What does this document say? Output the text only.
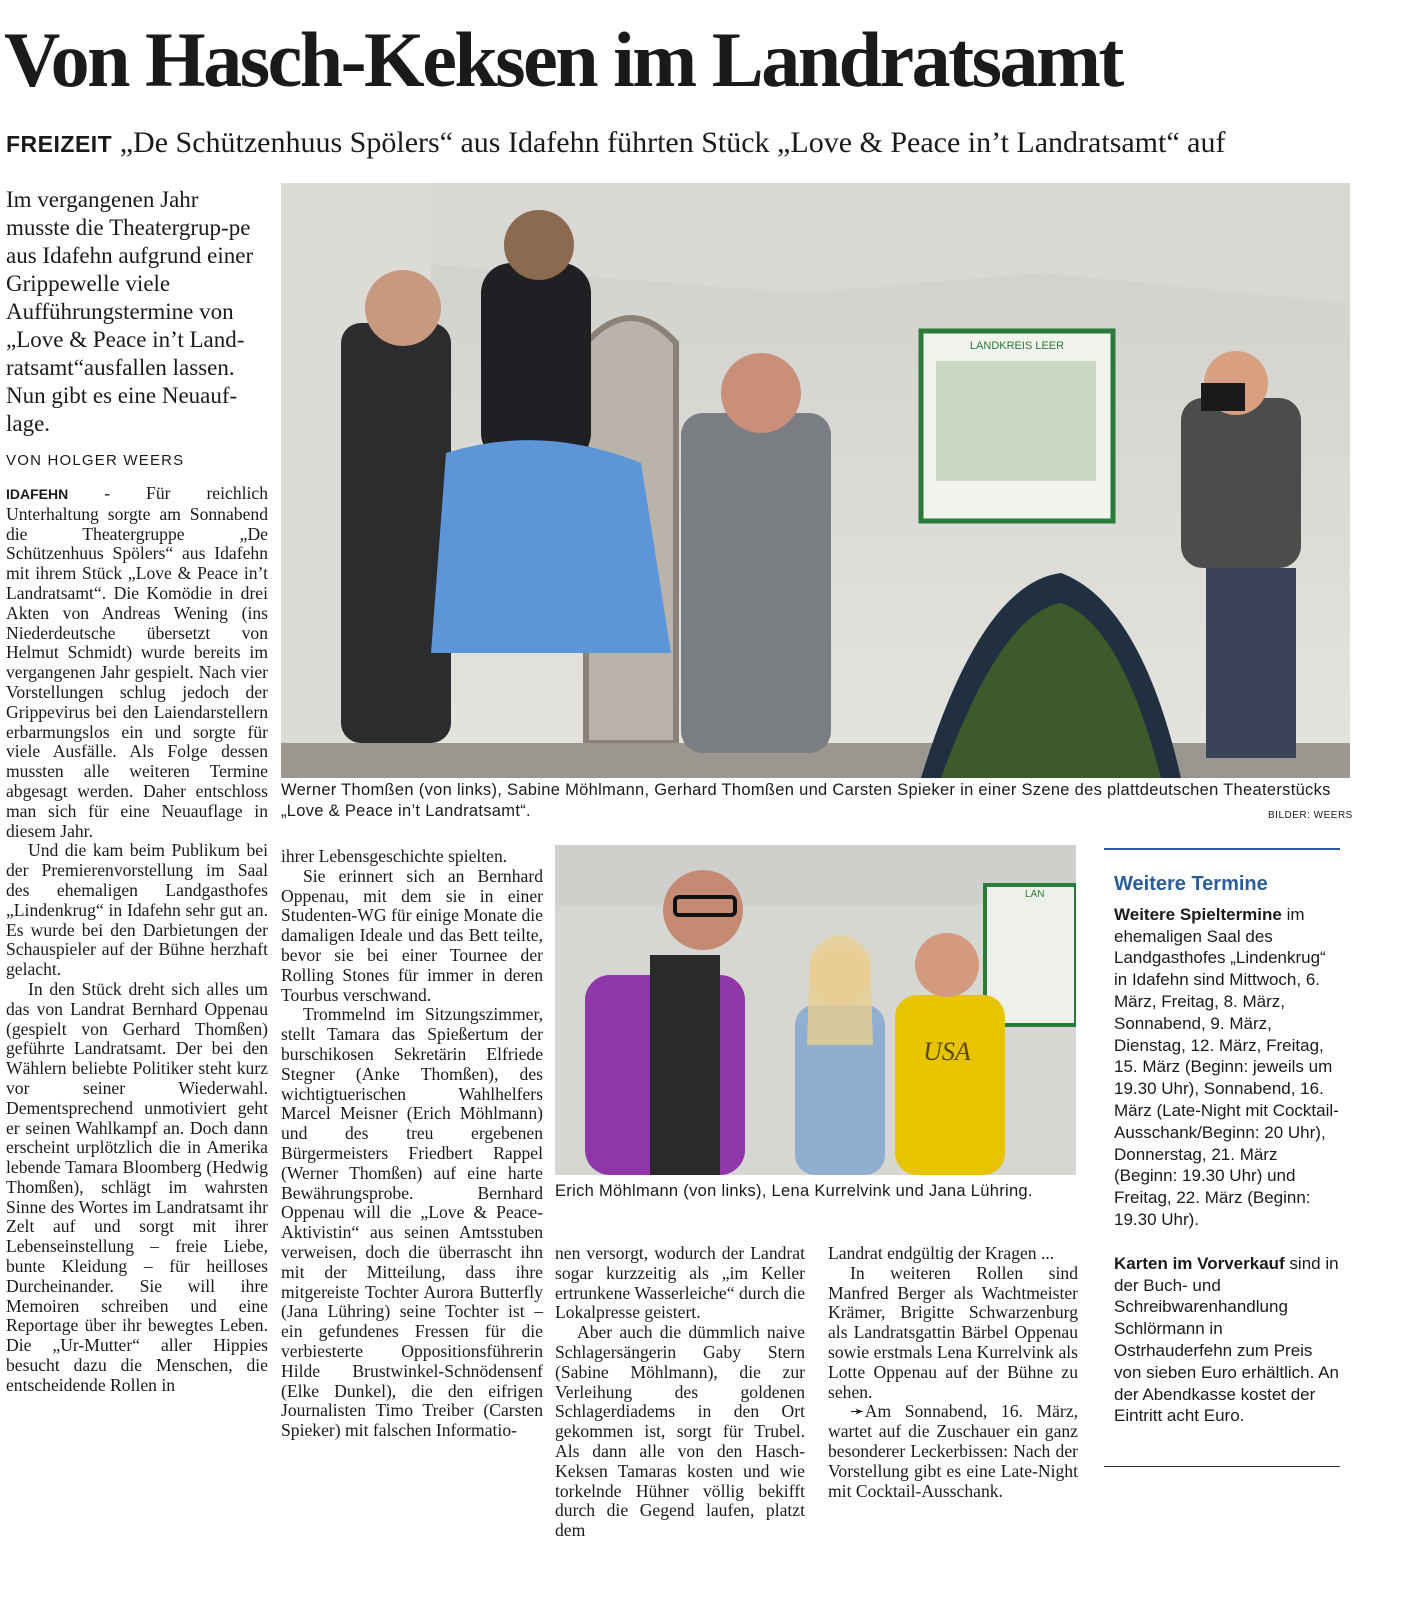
Von Hasch-Keksen im Landratsamt
FREIZEIT „De Schützenhuus Spölers“ aus Idafehn führten Stück „Love & Peace in’t Landratsamt“ auf

Im vergangenen Jahr musste die Theatergrup-pe aus Idafehn aufgrund einer Grippewelle viele Aufführungstermine von „Love & Peace in’t Land-ratsamt“ausfallen lassen. Nun gibt es eine Neuauf-lage.

VON HOLGER WEERS

IDAFEHN - Für reichlich Unterhaltung sorgte am Sonnabend die Theatergruppe „De Schützenhuus Spölers“ aus Idafehn mit ihrem Stück „Love & Peace in’t Landratsamt“. Die Komödie in drei Akten von Andreas Wening (ins Niederdeutsche übersetzt von Helmut Schmidt) wurde bereits im vergangenen Jahr gespielt. Nach vier Vorstellungen schlug jedoch der Grippevirus bei den Laiendarstellern erbarmungslos ein und sorgte für viele Ausfälle. Als Folge dessen mussten alle weiteren Termine abgesagt werden. Daher entschloss man sich für eine Neuauflage in diesem Jahr.

Und die kam beim Publikum bei der Premierenvorstellung im Saal des ehemaligen Landgasthofes „Lindenkrug“ in Idafehn sehr gut an. Es wurde bei den Darbietungen der Schauspieler auf der Bühne herzhaft gelacht.

In den Stück dreht sich alles um das von Landrat Bernhard Oppenau (gespielt von Gerhard Thomßen) geführte Landratsamt. Der bei den Wählern beliebte Politiker steht kurz vor seiner Wiederwahl. Dementsprechend unmotiviert geht er seinen Wahlkampf an. Doch dann erscheint urplötzlich die in Amerika lebende Tamara Bloomberg (Hedwig Thomßen), schlägt im wahrsten Sinne des Wortes im Landratsamt ihr Zelt auf und sorgt mit ihrer Lebenseinstellung – freie Liebe, bunte Kleidung – für heilloses Durcheinander. Sie will ihre Memoiren schreiben und eine Reportage über ihr bewegtes Leben. Die „Ur-Mutter“ aller Hippies besucht dazu die Menschen, die entscheidende Rollen in

LANDKREIS LEER
Werner Thomßen (von links), Sabine Möhlmann, Gerhard Thomßen und Carsten Spieker in einer Szene des plattdeutschen Theaterstücks „Love & Peace in’t Landratsamt“.	BILDER: WEERS

ihrer Lebensgeschichte spielten.

Sie erinnert sich an Bernhard Oppenau, mit dem sie in einer Studenten-WG für einige Monate die damaligen Ideale und das Bett teilte, bevor sie bei einer Tournee der Rolling Stones für immer in deren Tourbus verschwand.

Trommelnd im Sitzungszimmer, stellt Tamara das Spießertum der burschikosen Sekretärin Elfriede Stegner (Anke Thomßen), des wichtigtuerischen Wahlhelfers Marcel Meisner (Erich Möhlmann) und des treu ergebenen Bürgermeisters Friedbert Rappel (Werner Thomßen) auf eine harte Bewährungsprobe. Bernhard Oppenau will die „Love & Peace-Aktivistin“ aus seinen Amtsstuben verweisen, doch die überrascht ihn mit der Mitteilung, dass ihre mitgereiste Tochter Aurora Butterfly (Jana Lühring) seine Tochter ist – ein gefundenes Fressen für die verbiesterte Oppositionsführerin Hilde Brustwinkel-Schnödensenf (Elke Dunkel), die den eifrigen Journalisten Timo Treiber (Carsten Spieker) mit falschen Informatio-

LAN
USA
Erich Möhlmann (von links), Lena Kurrelvink und Jana Lühring.

nen versorgt, wodurch der Landrat sogar kurzzeitig als „im Keller ertrunkene Wasserleiche“ durch die Lokalpresse geistert.

Aber auch die dümmlich naive Schlagersängerin Gaby Stern (Sabine Möhlmann), die zur Verleihung des goldenen Schlagerdiadems in den Ort gekommen ist, sorgt für Trubel. Als dann alle von den Hasch-Keksen Tamaras kosten und wie torkelnde Hühner völlig bekifft durch die Gegend laufen, platzt dem

Landrat endgültig der Kragen ...

In weiteren Rollen sind Manfred Berger als Wachtmeister Krämer, Brigitte Schwarzenburg als Landratsgattin Bärbel Oppenau sowie erstmals Lena Kurrelvink als Lotte Oppenau auf der Bühne zu sehen.

➛Am Sonnabend, 16. März, wartet auf die Zuschauer ein ganz besonderer Leckerbissen: Nach der Vorstellung gibt es eine Late-Night mit Cocktail-Ausschank.

Weitere Termine

Weitere Spieltermine im ehemaligen Saal des Landgasthofes „Lindenkrug“ in Idafehn sind Mittwoch, 6. März, Freitag, 8. März, Sonnabend, 9. März, Dienstag, 12. März, Freitag, 15. März (Beginn: jeweils um 19.30 Uhr), Sonnabend, 16. März (Late-Night mit Cocktail-Ausschank/Beginn: 20 Uhr), Donnerstag, 21. März (Beginn: 19.30 Uhr) und Freitag, 22. März (Beginn: 19.30 Uhr).

Karten im Vorverkauf sind in der Buch- und Schreibwarenhandlung Schlörmann in Ostrhauderfehn zum Preis von sieben Euro erhältlich. An der Abendkasse kostet der Eintritt acht Euro.
